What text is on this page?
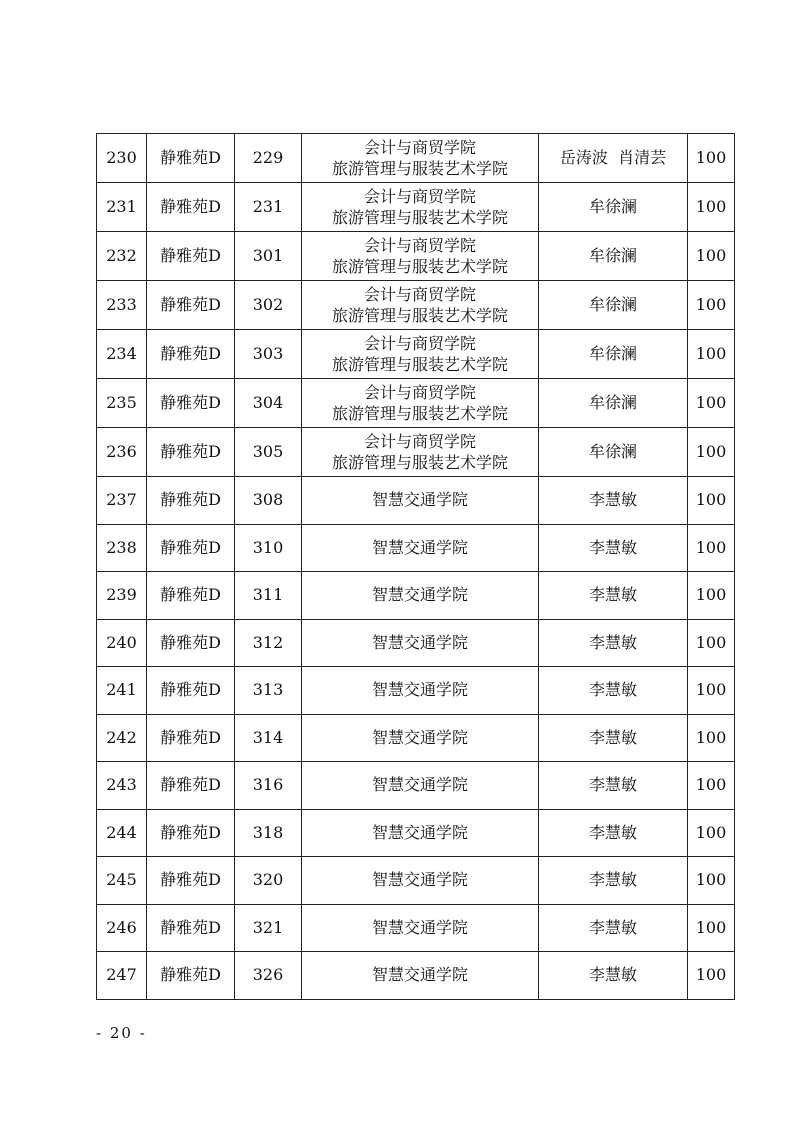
230	静雅苑D	229	会计与商贸学院
旅游管理与服装艺术学院	岳涛波  肖清芸	100
231	静雅苑D	231	会计与商贸学院
旅游管理与服装艺术学院	牟徐澜	100
232	静雅苑D	301	会计与商贸学院
旅游管理与服装艺术学院	牟徐澜	100
233	静雅苑D	302	会计与商贸学院
旅游管理与服装艺术学院	牟徐澜	100
234	静雅苑D	303	会计与商贸学院
旅游管理与服装艺术学院	牟徐澜	100
235	静雅苑D	304	会计与商贸学院
旅游管理与服装艺术学院	牟徐澜	100
236	静雅苑D	305	会计与商贸学院
旅游管理与服装艺术学院	牟徐澜	100
237	静雅苑D	308	智慧交通学院	李慧敏	100
238	静雅苑D	310	智慧交通学院	李慧敏	100
239	静雅苑D	311	智慧交通学院	李慧敏	100
240	静雅苑D	312	智慧交通学院	李慧敏	100
241	静雅苑D	313	智慧交通学院	李慧敏	100
242	静雅苑D	314	智慧交通学院	李慧敏	100
243	静雅苑D	316	智慧交通学院	李慧敏	100
244	静雅苑D	318	智慧交通学院	李慧敏	100
245	静雅苑D	320	智慧交通学院	李慧敏	100
246	静雅苑D	321	智慧交通学院	李慧敏	100
247	静雅苑D	326	智慧交通学院	李慧敏	100
- 20 -
